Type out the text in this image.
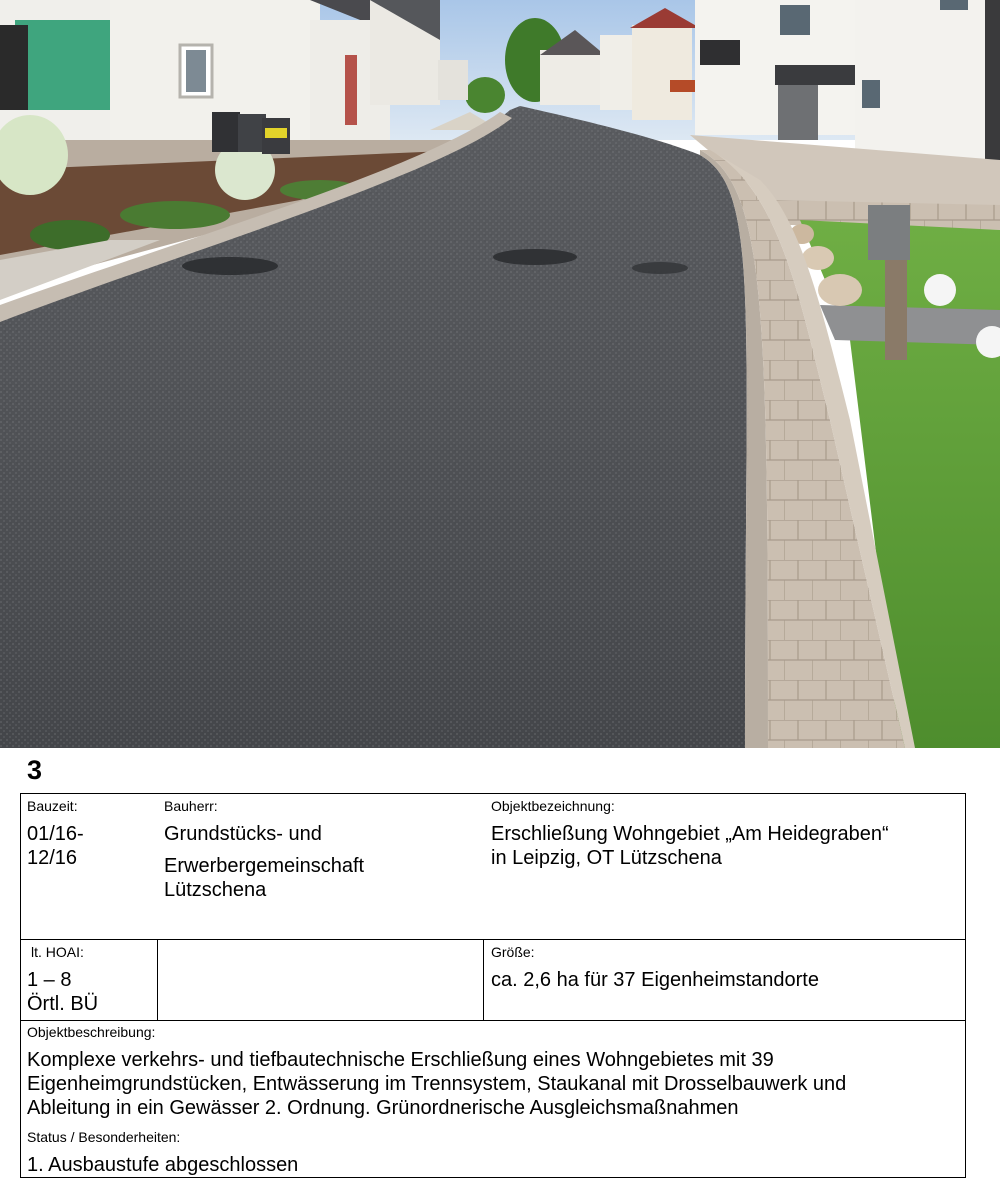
3
Bauzeit:
01/16-
12/16
Bauherr:
Grundstücks- und
Erwerbergemeinschaft
Lützschena
Objektbezeichnung:
Erschließung Wohngebiet „Am Heidegraben“
in Leipzig, OT Lützschena
lt. HOAI:
1 – 8
Örtl. BÜ
Größe:
ca. 2,6 ha für 37 Eigenheimstandorte
Objektbeschreibung:
Komplexe verkehrs- und tiefbautechnische Erschließung eines Wohngebietes mit 39
Eigenheimgrundstücken, Entwässerung im Trennsystem, Staukanal mit Drosselbauwerk und
Ableitung in ein Gewässer 2. Ordnung. Grünordnerische Ausgleichsmaßnahmen
Status / Besonderheiten:
1. Ausbaustufe abgeschlossen
